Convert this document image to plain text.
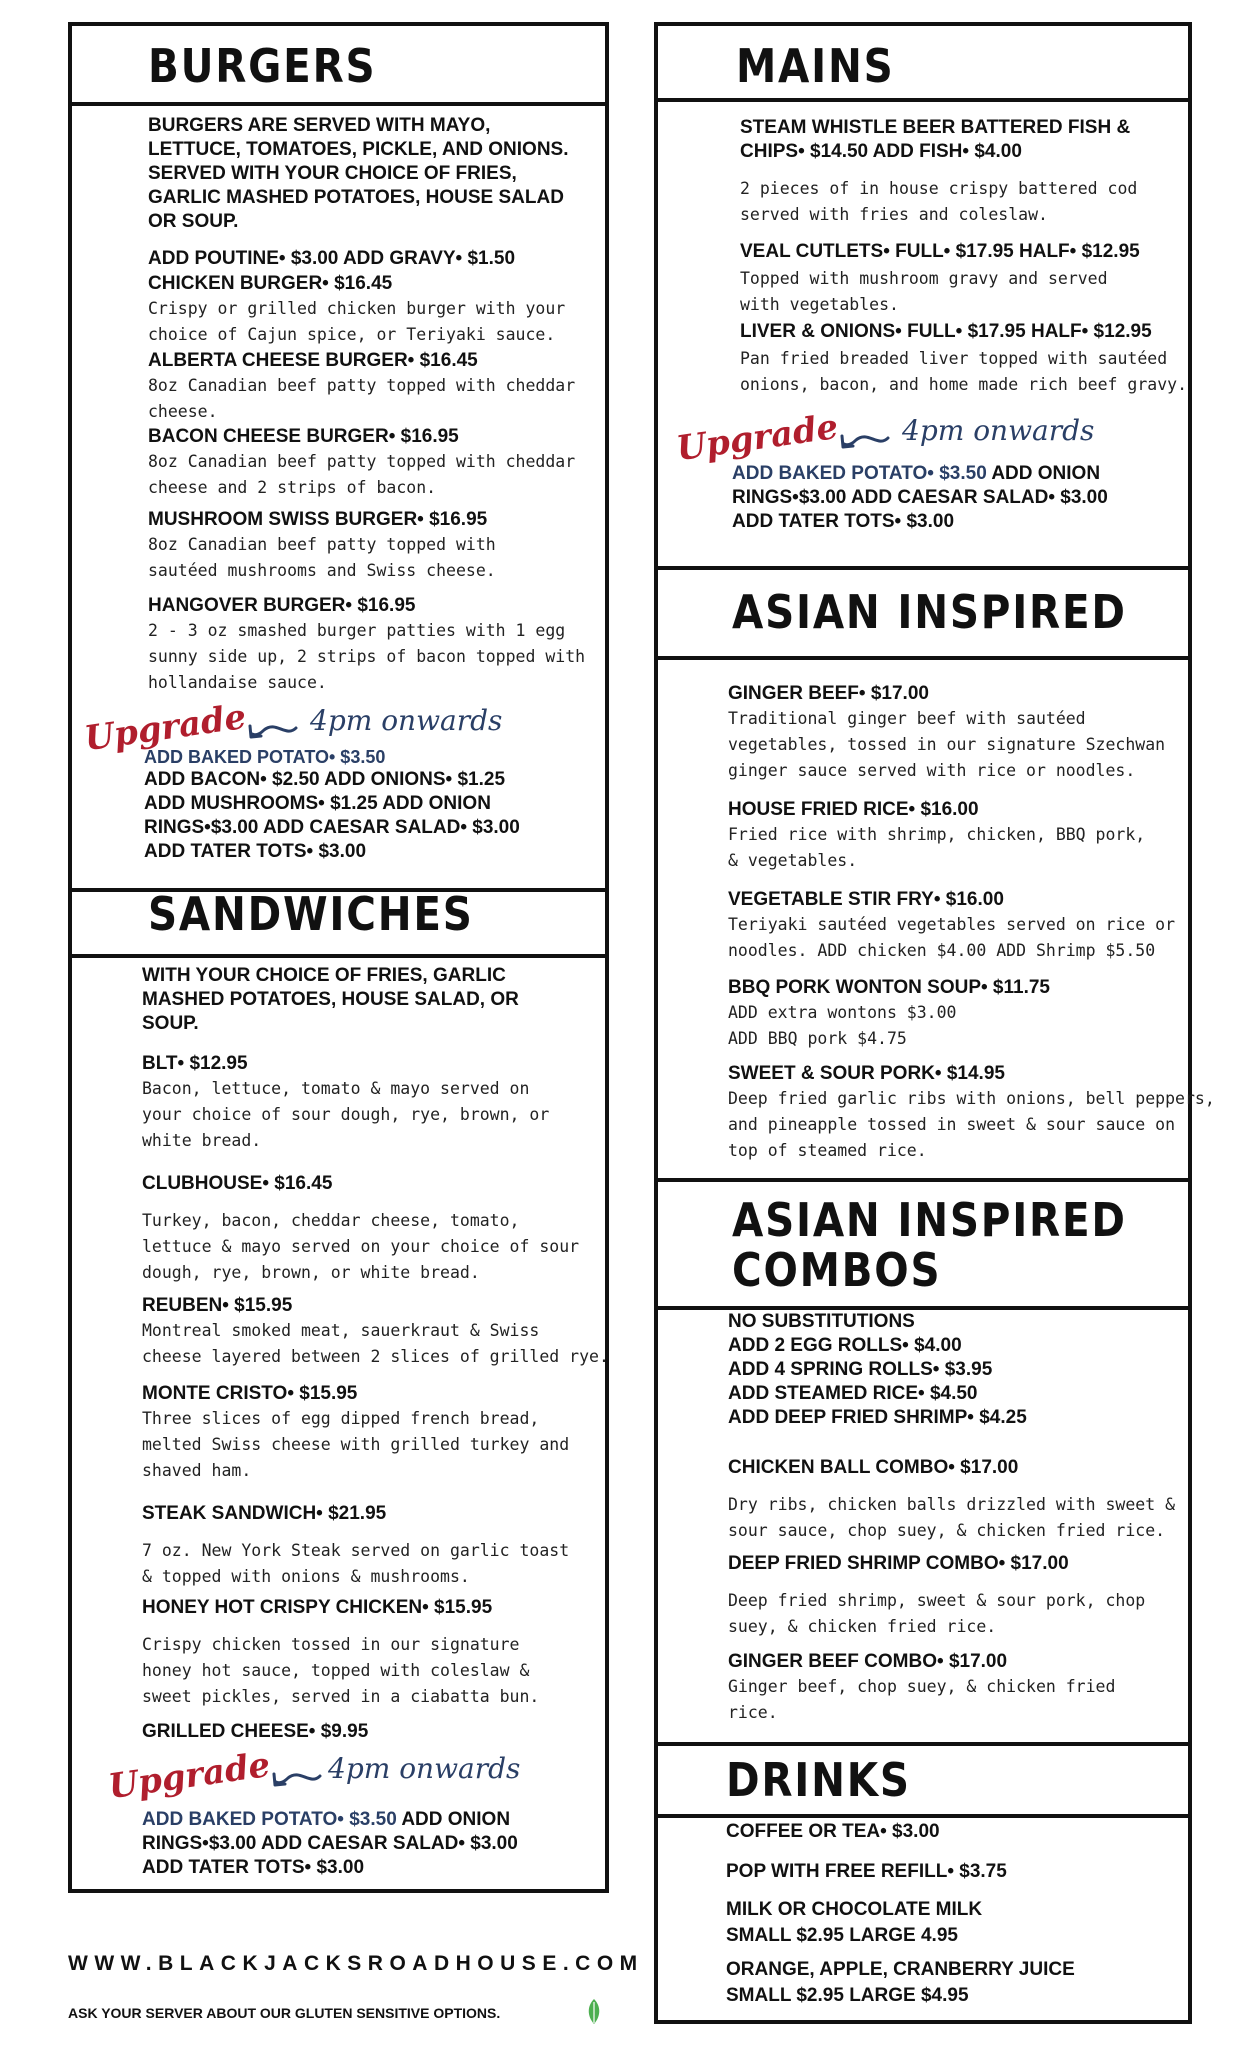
BURGERS
SANDWICHES
MAINS
ASIAN INSPIRED
ASIAN INSPIRED
COMBOS
DRINKS
WWW.BLACKJACKSROADHOUSE.COM
ASK YOUR SERVER ABOUT OUR GLUTEN SENSITIVE OPTIONS.
BURGERS ARE SERVED WITH MAYO,
LETTUCE, TOMATOES, PICKLE, AND ONIONS.
SERVED WITH YOUR CHOICE OF FRIES,
GARLIC MASHED POTATOES, HOUSE SALAD
OR SOUP.
ADD POUTINE• $3.00 ADD GRAVY• $1.50
CHICKEN BURGER• $16.45
Crispy or grilled chicken burger with your
choice of Cajun spice, or Teriyaki sauce.
ALBERTA CHEESE BURGER• $16.45
8oz Canadian beef patty topped with cheddar
cheese.
BACON CHEESE BURGER• $16.95
8oz Canadian beef patty topped with cheddar
cheese and 2 strips of bacon.
MUSHROOM SWISS BURGER• $16.95
8oz Canadian beef patty topped with
sautéed mushrooms and Swiss cheese.
HANGOVER BURGER• $16.95
2 - 3 oz smashed burger patties with 1 egg
sunny side up, 2 strips of bacon topped with
hollandaise sauce.
Upgrade 4pm onwards
ADD BAKED POTATO• $3.50
ADD BACON• $2.50 ADD ONIONS• $1.25
ADD MUSHROOMS• $1.25 ADD ONION
RINGS•$3.00 ADD CAESAR SALAD• $3.00
ADD TATER TOTS• $3.00
WITH YOUR CHOICE OF FRIES, GARLIC
MASHED POTATOES, HOUSE SALAD, OR
SOUP.
BLT• $12.95
Bacon, lettuce, tomato & mayo served on
your choice of sour dough, rye, brown, or
white bread.
CLUBHOUSE• $16.45
Turkey, bacon, cheddar cheese, tomato,
lettuce & mayo served on your choice of sour
dough, rye, brown, or white bread.
REUBEN• $15.95
Montreal smoked meat, sauerkraut & Swiss
cheese layered between 2 slices of grilled rye.
MONTE CRISTO• $15.95
Three slices of egg dipped french bread,
melted Swiss cheese with grilled turkey and
shaved ham.
STEAK SANDWICH• $21.95
7 oz. New York Steak served on garlic toast
& topped with onions & mushrooms.
HONEY HOT CRISPY CHICKEN• $15.95
Crispy chicken tossed in our signature
honey hot sauce, topped with coleslaw &
sweet pickles, served in a ciabatta bun.
GRILLED CHEESE• $9.95
Upgrade 4pm onwards
ADD BAKED POTATO• $3.50 ADD ONION
RINGS•$3.00 ADD CAESAR SALAD• $3.00
ADD TATER TOTS• $3.00
STEAM WHISTLE BEER BATTERED FISH &
CHIPS• $14.50 ADD FISH• $4.00
2 pieces of in house crispy battered cod
served with fries and coleslaw.
VEAL CUTLETS• FULL• $17.95 HALF• $12.95
Topped with mushroom gravy and served
with vegetables.
LIVER & ONIONS• FULL• $17.95 HALF• $12.95
Pan fried breaded liver topped with sautéed
onions, bacon, and home made rich beef gravy.
Upgrade 4pm onwards
ADD BAKED POTATO• $3.50 ADD ONION
RINGS•$3.00 ADD CAESAR SALAD• $3.00
ADD TATER TOTS• $3.00
GINGER BEEF• $17.00
Traditional ginger beef with sautéed
vegetables, tossed in our signature Szechwan
ginger sauce served with rice or noodles.
HOUSE FRIED RICE• $16.00
Fried rice with shrimp, chicken, BBQ pork,
& vegetables.
VEGETABLE STIR FRY• $16.00
Teriyaki sautéed vegetables served on rice or
noodles. ADD chicken $4.00 ADD Shrimp $5.50
BBQ PORK WONTON SOUP• $11.75
ADD extra wontons $3.00
ADD BBQ pork $4.75
SWEET & SOUR PORK• $14.95
Deep fried garlic ribs with onions, bell peppers,
and pineapple tossed in sweet & sour sauce on
top of steamed rice.
NO SUBSTITUTIONS
ADD 2 EGG ROLLS• $4.00
ADD 4 SPRING ROLLS• $3.95
ADD STEAMED RICE• $4.50
ADD DEEP FRIED SHRIMP• $4.25
CHICKEN BALL COMBO• $17.00
Dry ribs, chicken balls drizzled with sweet &
sour sauce, chop suey, & chicken fried rice.
DEEP FRIED SHRIMP COMBO• $17.00
Deep fried shrimp, sweet & sour pork, chop
suey, & chicken fried rice.
GINGER BEEF COMBO• $17.00
Ginger beef, chop suey, & chicken fried
rice.
COFFEE OR TEA• $3.00
POP WITH FREE REFILL• $3.75
MILK OR CHOCOLATE MILK
SMALL $2.95 LARGE 4.95
ORANGE, APPLE, CRANBERRY JUICE
SMALL $2.95 LARGE $4.95
